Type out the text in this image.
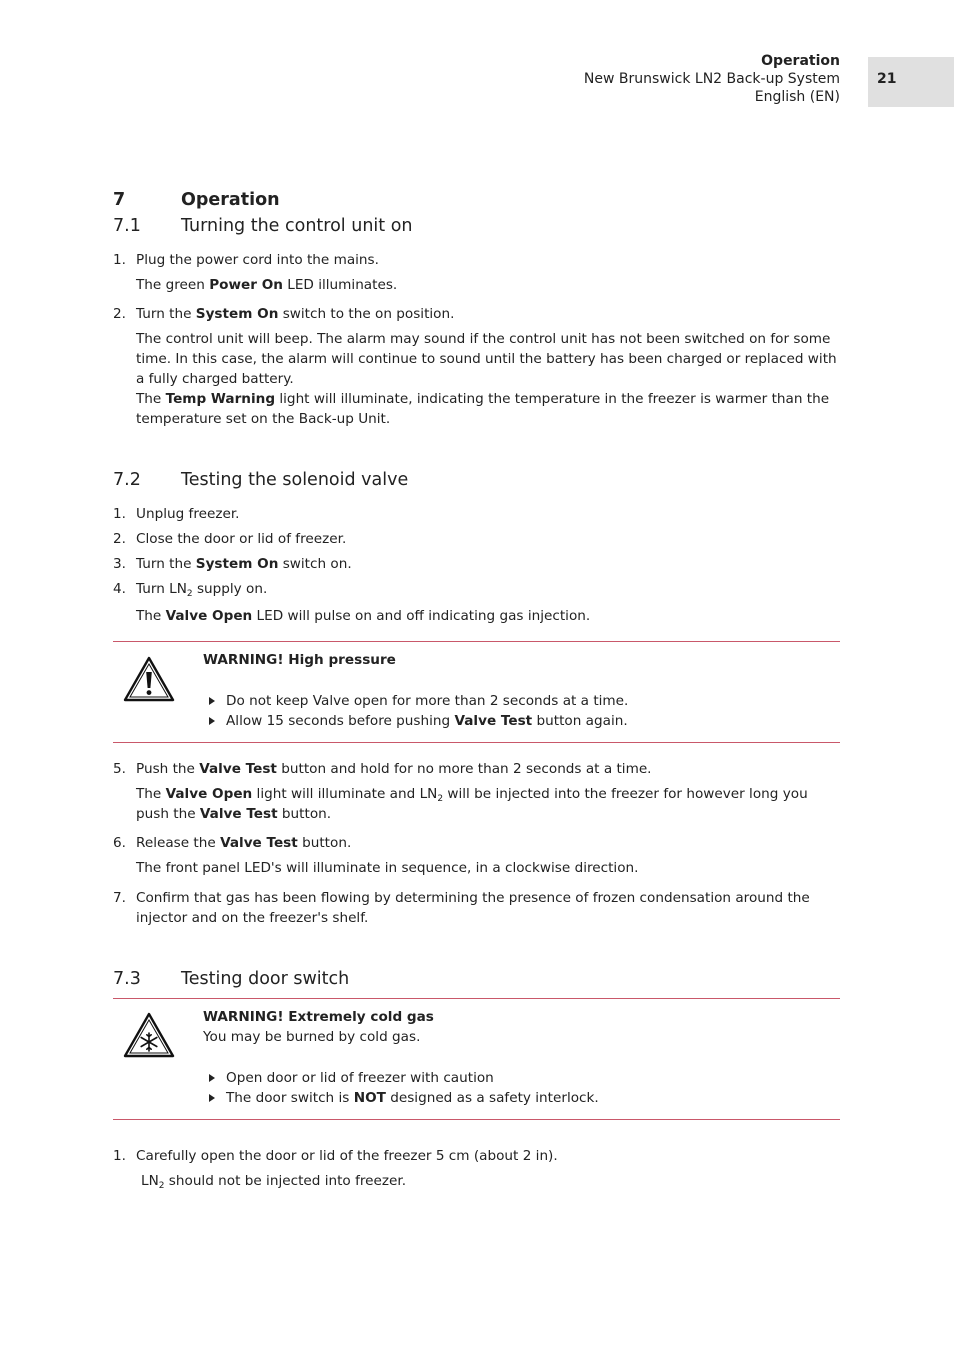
Operation
New Brunswick LN2 Back-up System
English (EN)
21
7	Operation
7.1 Turning the control unit on
1. Plug the power cord into the mains.
The green Power On LED illuminates.
2. Turn the System On switch to the on position.
The control unit will beep. The alarm may sound if the control unit has not been switched on for some time. In this case, the alarm will continue to sound until the battery has been charged or replaced with a fully charged battery.
The Temp Warning light will illuminate, indicating the temperature in the freezer is warmer than the temperature set on the Back-up Unit.
7.2 Testing the solenoid valve
1. Unplug freezer.
2. Close the door or lid of freezer.
3. Turn the System On switch on.
4. Turn $LN_2$ supply on.
The Valve Open LED will pulse on and off indicating gas injection.
WARNING! High pressure
Do not keep Valve open for more than 2 seconds at a time.
Allow 15 seconds before pushing Valve Test button again.
5. Push the Valve Test button and hold for no more than 2 seconds at a time.
The Valve Open light will illuminate and $LN_2$ will be injected into the freezer for however long you push the Valve Test button.
6. Release the Valve Test button.
The front panel LED's will illuminate in sequence, in a clockwise direction.
7. Confirm that gas has been flowing by determining the presence of frozen condensation around the injector and on the freezer's shelf.
7.3 Testing door switch
WARNING! Extremely cold gas
You may be burned by cold gas.
Open door or lid of freezer with caution
The door switch is NOT designed as a safety interlock.
1. Carefully open the door or lid of the freezer 5 cm (about 2 in).
$LN_2$ should not be injected into freezer.
